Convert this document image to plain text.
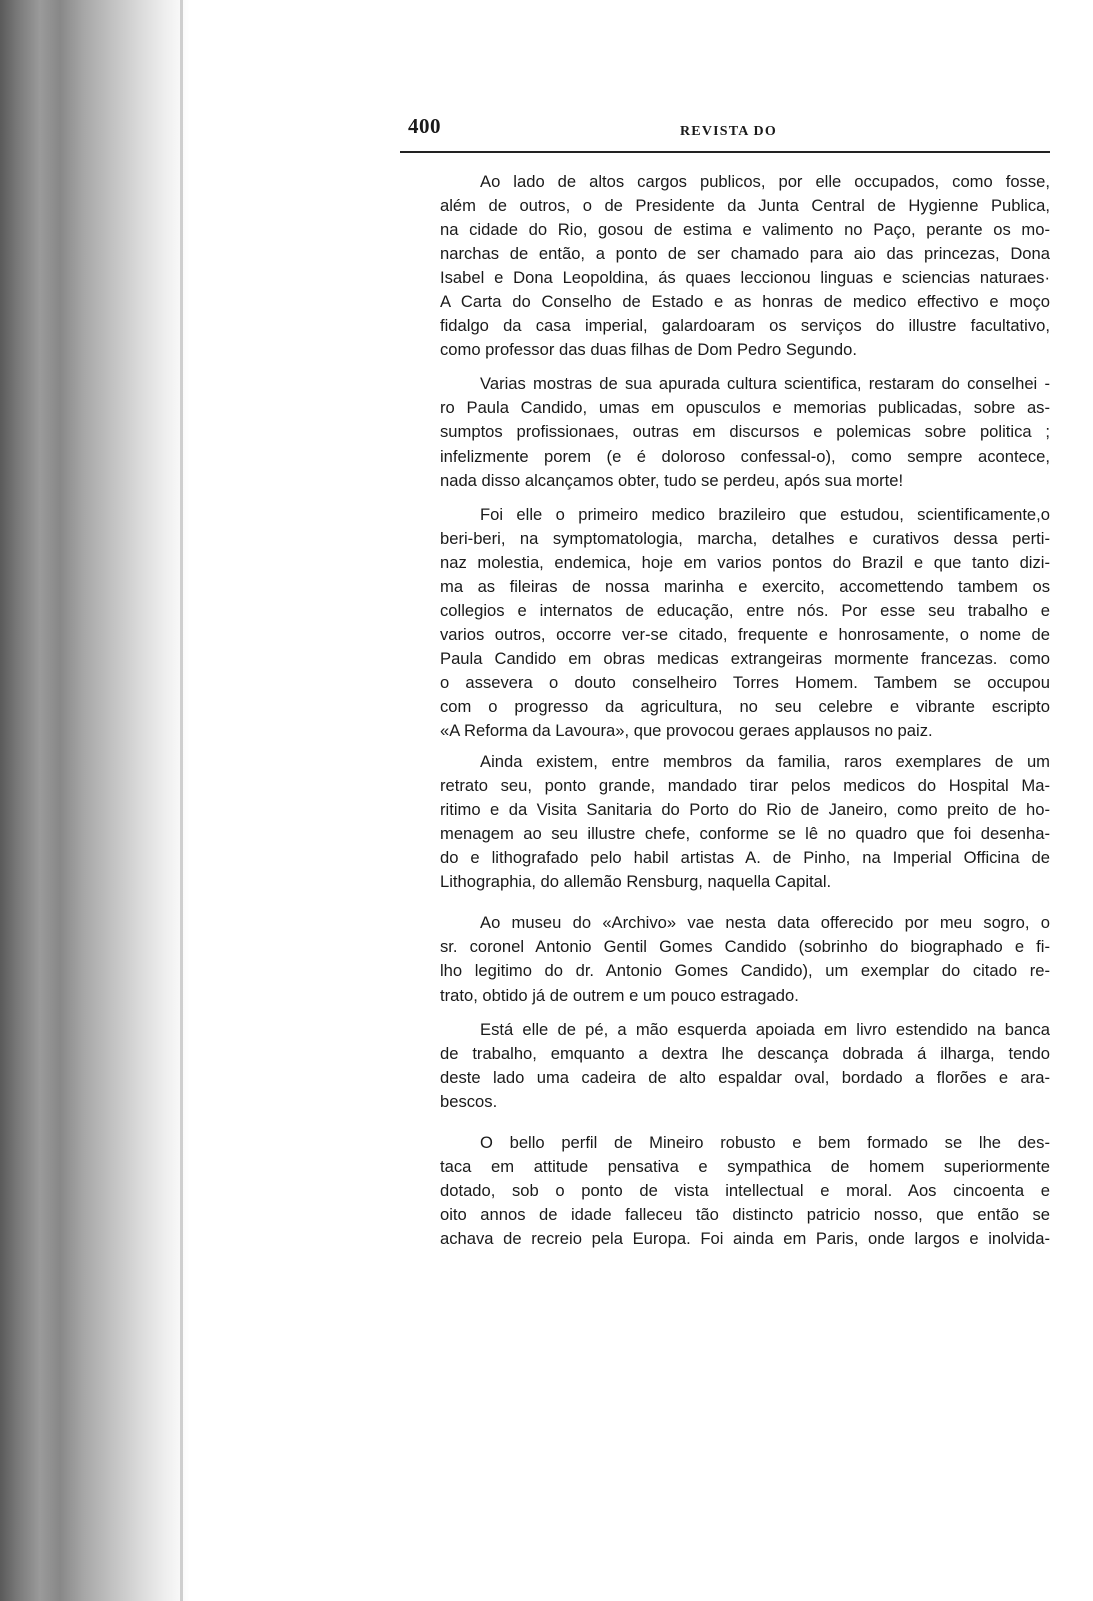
400	REVISTA DO
Ao lado de altos cargos publicos, por elle occupados, como fosse,
além de outros, o de Presidente da Junta Central de Hygienne Publica,
na cidade do Rio, gosou de estima e valimento no Paço, perante os mo-
narchas de então, a ponto de ser chamado para aio das princezas, Dona
Isabel e Dona Leopoldina, ás quaes leccionou linguas e sciencias naturaes·
A Carta do Conselho de Estado e as honras de medico effectivo e moço
fidalgo da casa imperial, galardoaram os serviços do illustre facultativo,
como professor das duas filhas de Dom Pedro Segundo.
Varias mostras de sua apurada cultura scientifica, restaram do conselhei -
ro Paula Candido, umas em opusculos e memorias publicadas, sobre as-
sumptos profissionaes, outras em discursos e polemicas sobre politica ;
infelizmente porem (e é doloroso confessal-o), como sempre acontece,
nada disso alcançamos obter, tudo se perdeu, após sua morte!
Foi elle o primeiro medico brazileiro que estudou, scientificamente,o
beri-beri, na symptomatologia, marcha, detalhes e curativos dessa perti-
naz molestia, endemica, hoje em varios pontos do Brazil e que tanto dizi-
ma as fileiras de nossa marinha e exercito, accomettendo tambem os
collegios e internatos de educação, entre nós. Por esse seu trabalho e
varios outros, occorre ver-se citado, frequente e honrosamente, o nome de
Paula Candido em obras medicas extrangeiras mormente francezas. como
o assevera o douto conselheiro Torres Homem. Tambem se occupou
com o progresso da agricultura, no seu celebre e vibrante escripto
«A Reforma da Lavoura», que provocou geraes applausos no paiz.
Ainda existem, entre membros da familia, raros exemplares de um
retrato seu, ponto grande, mandado tirar pelos medicos do Hospital Ma-
ritimo e da Visita Sanitaria do Porto do Rio de Janeiro, como preito de ho-
menagem ao seu illustre chefe, conforme se lê no quadro que foi desenha-
do e lithografado pelo habil artistas A. de Pinho, na Imperial Officina de
Lithographia, do allemão Rensburg, naquella Capital.
Ao museu do «Archivo» vae nesta data offerecido por meu sogro, o
sr. coronel Antonio Gentil Gomes Candido (sobrinho do biographado e fi-
lho legitimo do dr. Antonio Gomes Candido), um exemplar do citado re-
trato, obtido já de outrem e um pouco estragado.
Está elle de pé, a mão esquerda apoiada em livro estendido na banca
de trabalho, emquanto a dextra lhe descança dobrada á ilharga, tendo
deste lado uma cadeira de alto espaldar oval, bordado a florões e ara-
bescos.
O bello perfil de Mineiro robusto e bem formado se lhe des-
taca em attitude pensativa e sympathica de homem superiormente
dotado, sob o ponto de vista intellectual e moral. Aos cincoenta e
oito annos de idade falleceu tão distincto patricio nosso, que então se
achava de recreio pela Europa. Foi ainda em Paris, onde largos e inolvida-
